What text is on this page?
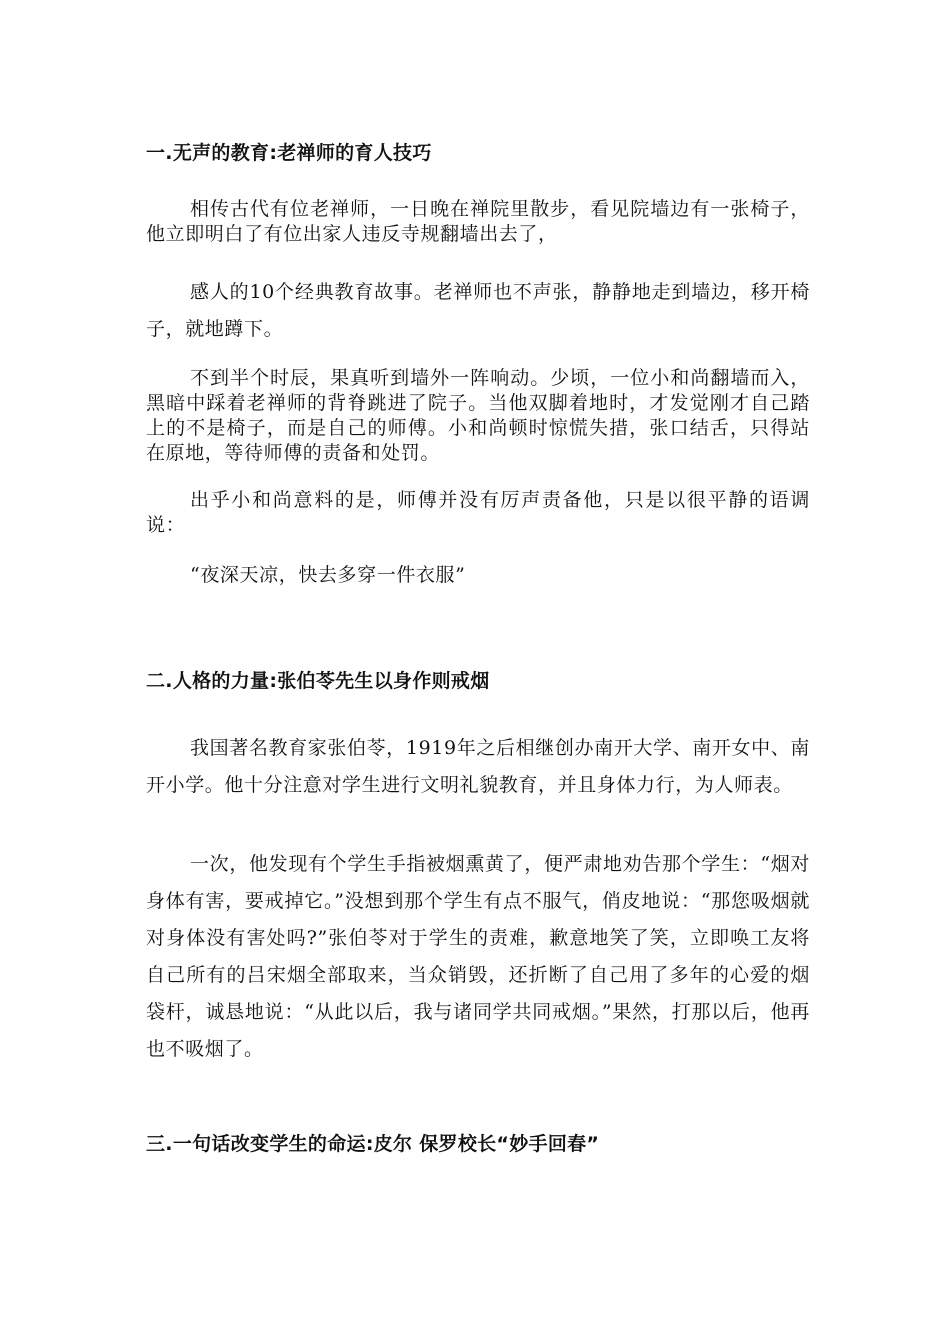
一.无声的教育:老禅师的育人技巧

相传古代有位老禅师，一日晚在禅院里散步，看见院墙边有一张椅子，他立即明白了有位出家人违反寺规翻墙出去了，

感人的10个经典教育故事。老禅师也不声张，静静地走到墙边，移开椅子，就地蹲下。

不到半个时辰，果真听到墙外一阵响动。少顷，一位小和尚翻墙而入，黑暗中踩着老禅师的背脊跳进了院子。当他双脚着地时，才发觉刚才自己踏上的不是椅子，而是自己的师傅。小和尚顿时惊慌失措，张口结舌，只得站在原地，等待师傅的责备和处罚。

出乎小和尚意料的是，师傅并没有厉声责备他，只是以很平静的语调说：

“夜深天凉，快去多穿一件衣服”

二.人格的力量:张伯苓先生以身作则戒烟

我国著名教育家张伯苓，1919年之后相继创办南开大学、南开女中、南开小学。他十分注意对学生进行文明礼貌教育，并且身体力行，为人师表。

一次，他发现有个学生手指被烟熏黄了，便严肃地劝告那个学生：“烟对身体有害，要戒掉它。”没想到那个学生有点不服气，俏皮地说：“那您吸烟就对身体没有害处吗?”张伯苓对于学生的责难，歉意地笑了笑，立即唤工友将自己所有的吕宋烟全部取来，当众销毁，还折断了自己用了多年的心爱的烟袋杆，诚恳地说：“从此以后，我与诸同学共同戒烟。”果然，打那以后，他再也不吸烟了。

三.一句话改变学生的命运:皮尔 保罗校长“妙手回春”
